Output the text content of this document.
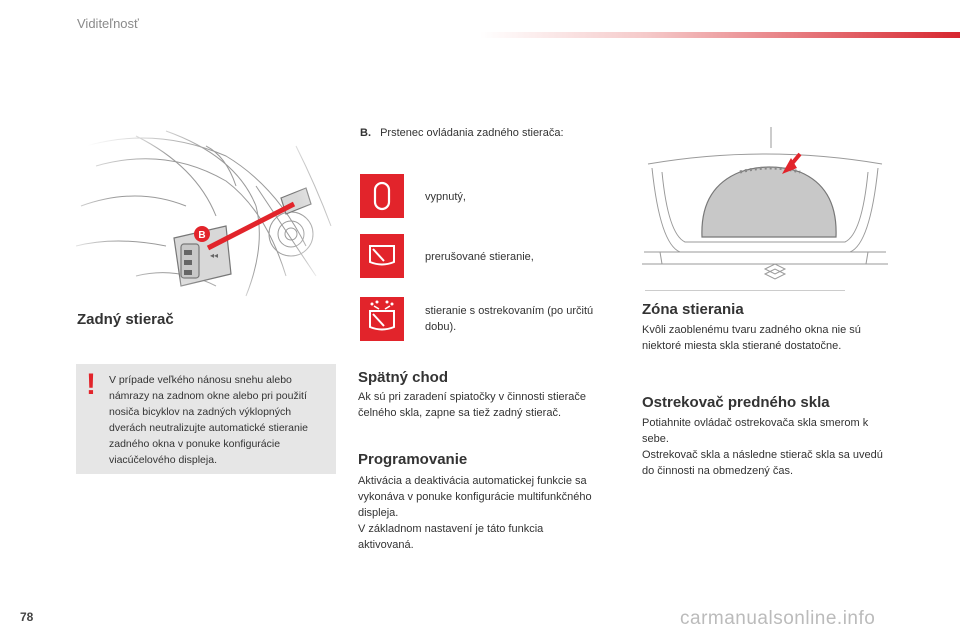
Viditeľnosť
Zadný stierač
! V prípade veľkého nánosu snehu alebo námrazy na zadnom okne alebo pri použití nosiča bicyklov na zadných výklopných dverách neutralizujte automatické stieranie zadného okna v ponuke konfigurácie viacúčelového displeja.
B. Prstenec ovládania zadného stierača:
vypnutý,
prerušované stieranie,
stieranie s ostrekovaním (po určitú dobu).
Spätný chod

Ak sú pri zaradení spiatočky v činnosti stierače čelného skla, zapne sa tiež zadný stierač.

Programovanie

Aktivácia a deaktivácia automatickej funkcie sa vykonáva v ponuke konfigurácie multifunkčného displeja.

V základnom nastavení je táto funkcia aktivovaná.

Zóna stierania

Kvôli zaoblenému tvaru zadného okna nie sú niektoré miesta skla stierané dostatočne.

Ostrekovač predného skla

Potiahnite ovládač ostrekovača skla smerom k sebe.

Ostrekovač skla a následne stierač skla sa uvedú do činnosti na obmedzený čas.

78	carmanualsonline.info
